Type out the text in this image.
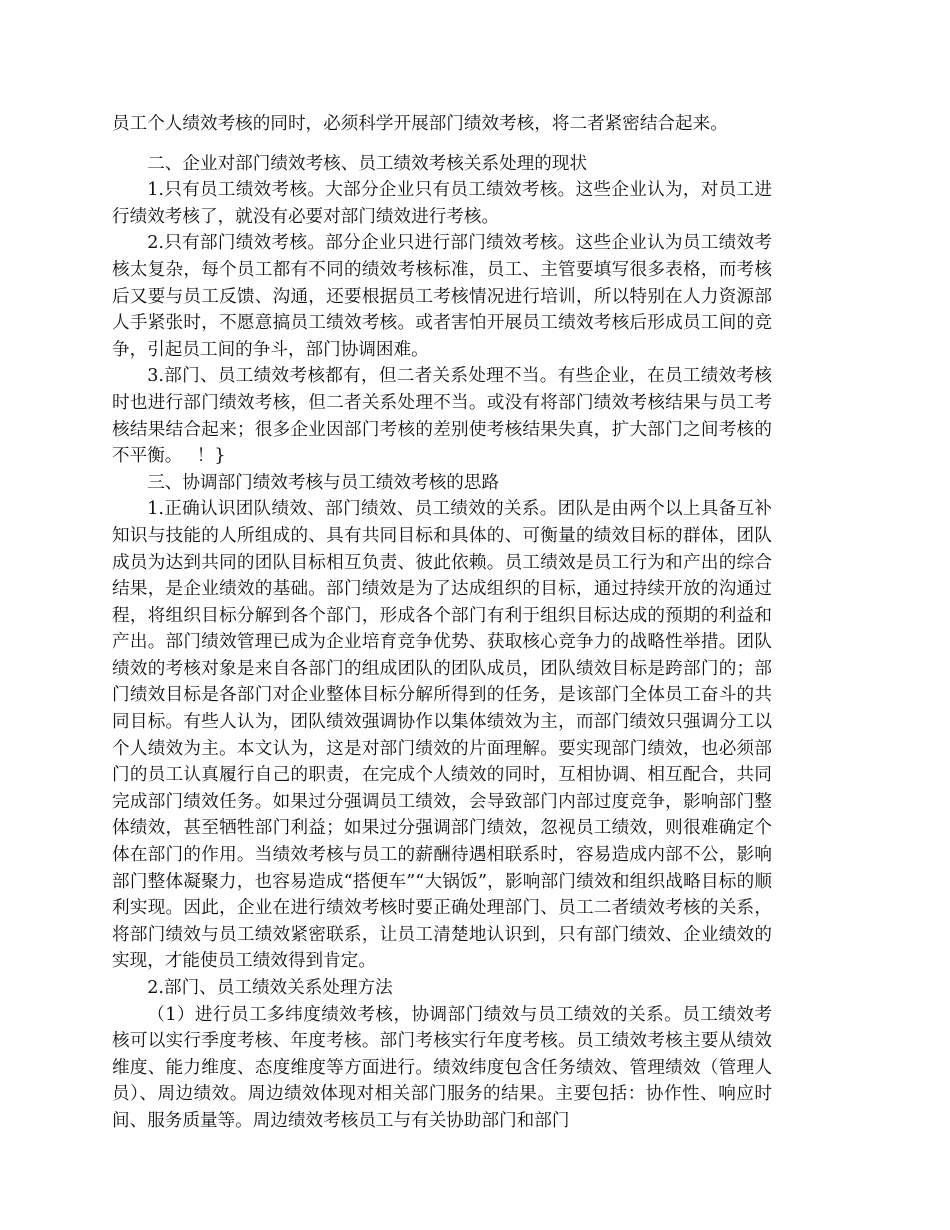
员工个人绩效考核的同时，必须科学开展部门绩效考核，将二者紧密结合起来。

二、企业对部门绩效考核、员工绩效考核关系处理的现状

1.只有员工绩效考核。大部分企业只有员工绩效考核。这些企业认为，对员工进行绩效考核了，就没有必要对部门绩效进行考核。

2.只有部门绩效考核。部分企业只进行部门绩效考核。这些企业认为员工绩效考核太复杂，每个员工都有不同的绩效考核标准，员工、主管要填写很多表格，而考核后又要与员工反馈、沟通，还要根据员工考核情况进行培训，所以特别在人力资源部人手紧张时，不愿意搞员工绩效考核。或者害怕开展员工绩效考核后形成员工间的竞争，引起员工间的争斗，部门协调困难。

3.部门、员工绩效考核都有，但二者关系处理不当。有些企业，在员工绩效考核时也进行部门绩效考核，但二者关系处理不当。或没有将部门绩效考核结果与员工考核结果结合起来；很多企业因部门考核的差别使考核结果失真，扩大部门之间考核的不平衡。　 ！}

三、协调部门绩效考核与员工绩效考核的思路

1.正确认识团队绩效、部门绩效、员工绩效的关系。团队是由两个以上具备互补知识与技能的人所组成的、具有共同目标和具体的、可衡量的绩效目标的群体，团队成员为达到共同的团队目标相互负责、彼此依赖。员工绩效是员工行为和产出的综合结果，是企业绩效的基础。部门绩效是为了达成组织的目标，通过持续开放的沟通过程，将组织目标分解到各个部门，形成各个部门有利于组织目标达成的预期的利益和产出。部门绩效管理已成为企业培育竞争优势、获取核心竞争力的战略性举措。团队绩效的考核对象是来自各部门的组成团队的团队成员，团队绩效目标是跨部门的；部门绩效目标是各部门对企业整体目标分解所得到的任务，是该部门全体员工奋斗的共同目标。有些人认为，团队绩效强调协作以集体绩效为主，而部门绩效只强调分工以个人绩效为主。本文认为，这是对部门绩效的片面理解。要实现部门绩效，也必须部门的员工认真履行自己的职责，在完成个人绩效的同时，互相协调、相互配合，共同完成部门绩效任务。如果过分强调员工绩效，会导致部门内部过度竞争，影响部门整体绩效，甚至牺牲部门利益；如果过分强调部门绩效，忽视员工绩效，则很难确定个体在部门的作用。当绩效考核与员工的薪酬待遇相联系时，容易造成内部不公，影响部门整体凝聚力，也容易造成“搭便车”“大锅饭”，影响部门绩效和组织战略目标的顺利实现。因此，企业在进行绩效考核时要正确处理部门、员工二者绩效考核的关系，将部门绩效与员工绩效紧密联系，让员工清楚地认识到，只有部门绩效、企业绩效的实现，才能使员工绩效得到肯定。

2.部门、员工绩效关系处理方法

（1）进行员工多纬度绩效考核，协调部门绩效与员工绩效的关系。员工绩效考核可以实行季度考核、年度考核。部门考核实行年度考核。员工绩效考核主要从绩效维度、能力维度、态度维度等方面进行。绩效纬度包含任务绩效、管理绩效（管理人员）、周边绩效。周边绩效体现对相关部门服务的结果。主要包括：协作性、响应时间、服务质量等。周边绩效考核员工与有关协助部门和部门
